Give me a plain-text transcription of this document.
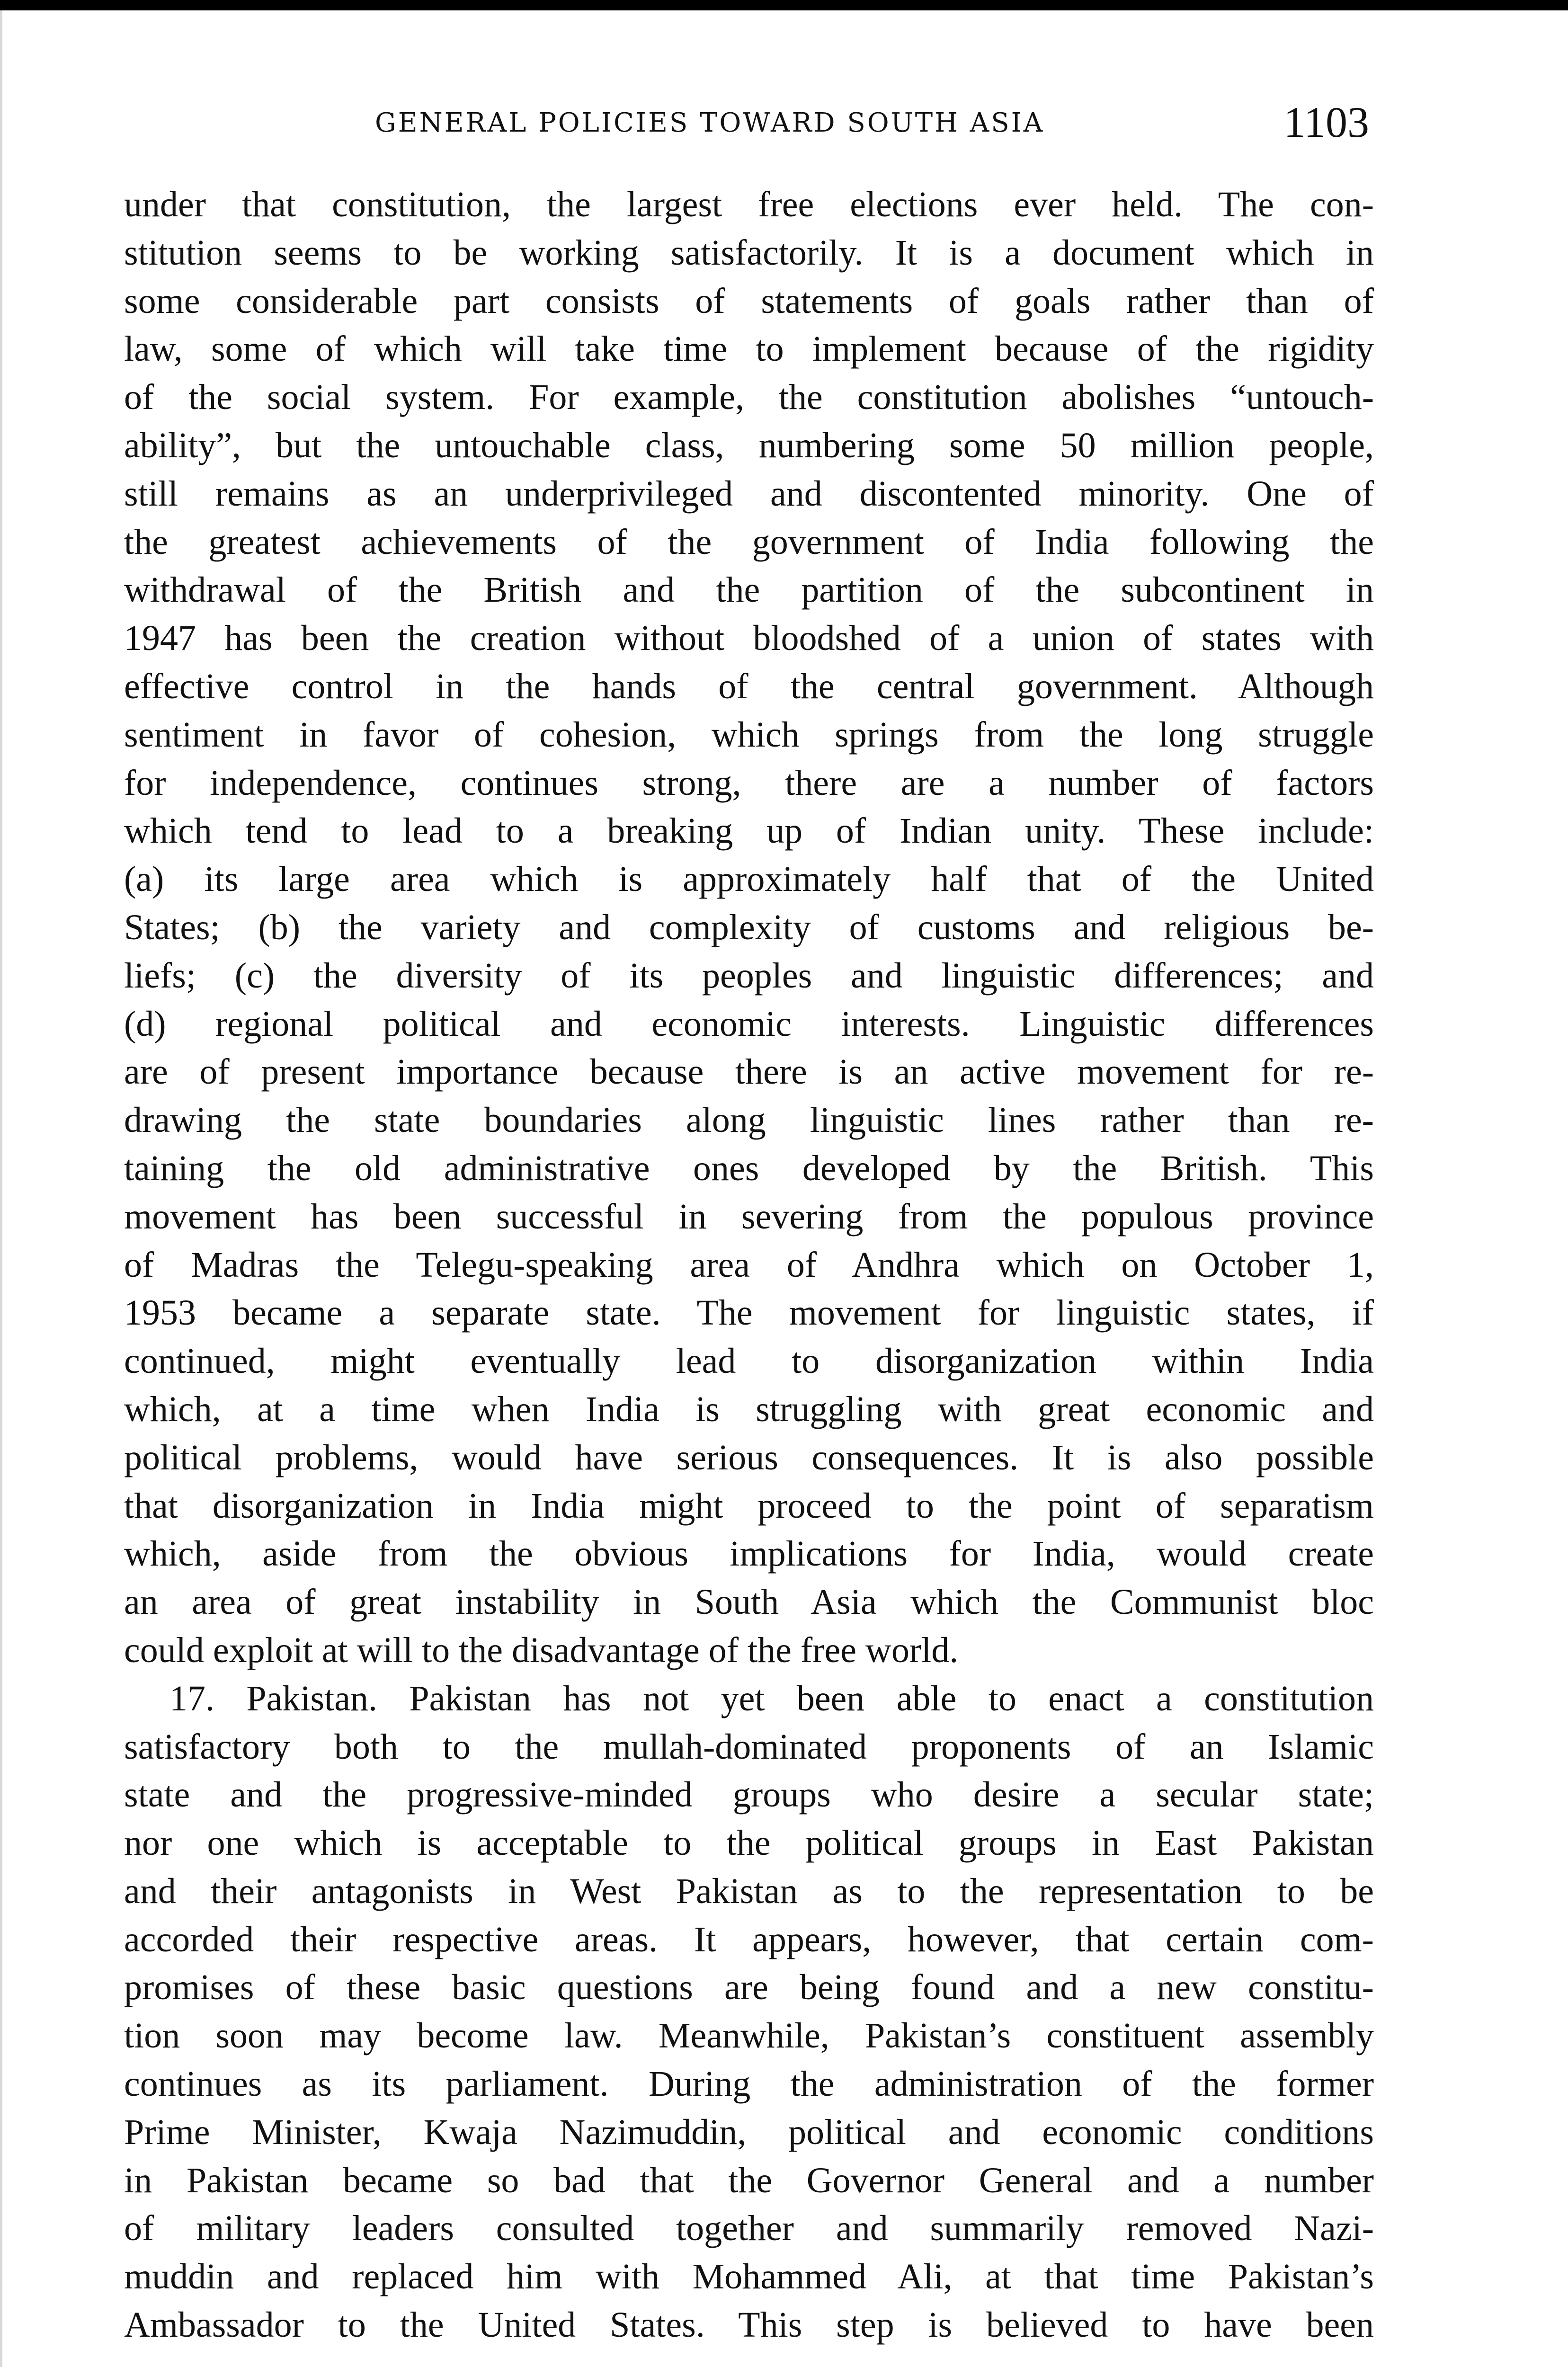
GENERAL POLICIES TOWARD SOUTH ASIA	1103
under that constitution, the largest free elections ever held. The con-
stitution seems to be working satisfactorily. It is a document which in
some considerable part consists of statements of goals rather than of
law, some of which will take time to implement because of the rigidity
of the social system. For example, the constitution abolishes “untouch-
ability”, but the untouchable class, numbering some 50 million people,
still remains as an underprivileged and discontented minority. One of
the greatest achievements of the government of India following the
withdrawal of the British and the partition of the subcontinent in
1947 has been the creation without bloodshed of a union of states with
effective control in the hands of the central government. Although
sentiment in favor of cohesion, which springs from the long struggle
for independence, continues strong, there are a number of factors
which tend to lead to a breaking up of Indian unity. These include:
(a) its large area which is approximately half that of the United
States; (b) the variety and complexity of customs and religious be-
liefs; (c) the diversity of its peoples and linguistic differences; and
(d) regional political and economic interests. Linguistic differences
are of present importance because there is an active movement for re-
drawing the state boundaries along linguistic lines rather than re-
taining the old administrative ones developed by the British. This
movement has been successful in severing from the populous province
of Madras the Telegu-speaking area of Andhra which on October 1,
1953 became a separate state. The movement for linguistic states, if
continued, might eventually lead to disorganization within India
which, at a time when India is struggling with great economic and
political problems, would have serious consequences. It is also possible
that disorganization in India might proceed to the point of separatism
which, aside from the obvious implications for India, would create
an area of great instability in South Asia which the Communist bloc
could exploit at will to the disadvantage of the free world.
17. Pakistan. Pakistan has not yet been able to enact a constitution
satisfactory both to the mullah-dominated proponents of an Islamic
state and the progressive-minded groups who desire a secular state;
nor one which is acceptable to the political groups in East Pakistan
and their antagonists in West Pakistan as to the representation to be
accorded their respective areas. It appears, however, that certain com-
promises of these basic questions are being found and a new constitu-
tion soon may become law. Meanwhile, Pakistan’s constituent assembly
continues as its parliament. During the administration of the former
Prime Minister, Kwaja Nazimuddin, political and economic conditions
in Pakistan became so bad that the Governor General and a number
of military leaders consulted together and summarily removed Nazi-
muddin and replaced him with Mohammed Ali, at that time Pakistan’s
Ambassador to the United States. This step is believed to have been
